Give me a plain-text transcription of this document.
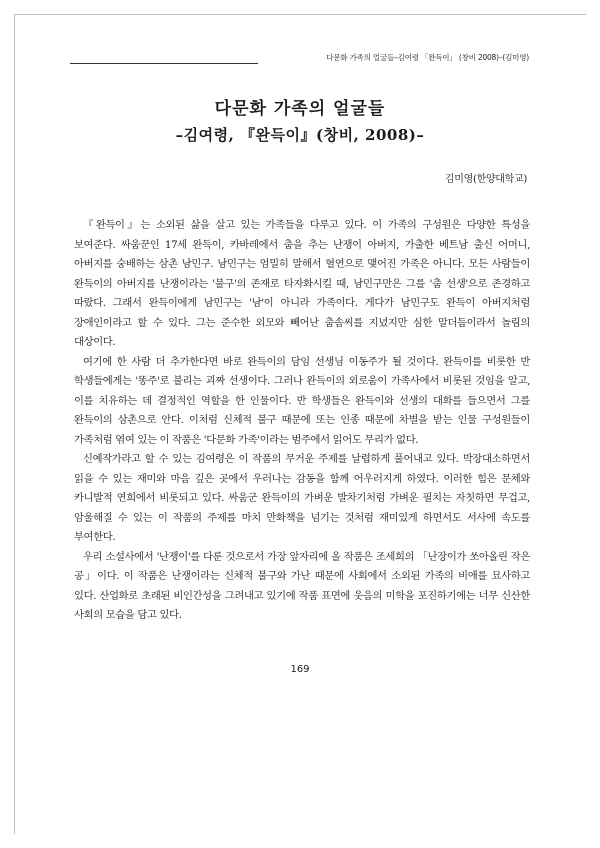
다문화 가족의 얼굴들–김여령 「완득이」 (창비 2008)–(김미영)
다문화 가족의 얼굴들
–김여령, 『완득이』(창비, 2008)–
김미영(한양대학교)

『완득이』는 소외된 삶을 살고 있는 가족들을 다루고 있다. 이 가족의 구성원은 다양한 특성을 보여준다. 싸움꾼인 17세 완득이, 카바레에서 춤을 추는 난쟁이 아버지, 가출한 베트남 출신 어머니, 아버지를 숭배하는 삼촌 남민구. 남민구는 엄밀히 말해서 혈연으로 맺어진 가족은 아니다. 모든 사람들이 완득이의 아버지를 난쟁이라는 '불구'의 존재로 타자화시킬 때, 남민구만은 그를 '춤 선생'으로 존경하고 따랐다. 그래서 완득이에게 남민구는 '남'이 아니라 가족이다. 게다가 남민구도 완득이 아버지처럼 장애인이라고 할 수 있다. 그는 준수한 외모와 빼어난 춤솜씨를 지녔지만 심한 말더듬이라서 놀림의 대상이다.

여기에 한 사람 더 추가한다면 바로 완득이의 담임 선생님 이동주가 될 것이다. 완득이를 비롯한 반 학생들에게는 '똥주'로 불리는 괴짜 선생이다. 그러나 완득이의 외로움이 가족사에서 비롯된 것임을 알고, 이를 치유하는 데 결정적인 역할을 한 인물이다. 반 학생들은 완득이와 선생의 대화를 들으면서 그를 완득이의 삼촌으로 안다. 이처럼 신체적 불구 때문에 또는 인종 때문에 차별을 받는 인물 구성원들이 가족처럼 엮여 있는 이 작품은 '다문화 가족'이라는 범주에서 읽어도 무리가 없다.

신예작가라고 할 수 있는 김여령은 이 작품의 무거운 주제를 날렵하게 풀어내고 있다. 박장대소하면서 읽을 수 있는 재미와 마음 깊은 곳에서 우러나는 감동을 함께 어우러지게 하였다. 이러한 힘은 문체와 카니발적 연희에서 비롯되고 있다. 싸움군 완득이의 가벼운 발차기처럼 가벼운 필치는 자칫하면 무겁고, 암울해질 수 있는 이 작품의 주제를 마치 만화책을 넘기는 것처럼 재미있게 하면서도 서사에 속도를 부여한다.

우리 소설사에서 '난쟁이'를 다룬 것으로서 가장 앞자리에 올 작품은 조세희의 「난장이가 쏘아올린 작은 공」이다. 이 작품은 난쟁이라는 신체적 불구와 가난 때문에 사회에서 소외된 가족의 비애를 묘사하고 있다. 산업화로 초래된 비인간성을 그려내고 있기에 작품 표면에 웃음의 미학을 포진하기에는 너무 신산한 사회의 모습을 담고 있다.

169
